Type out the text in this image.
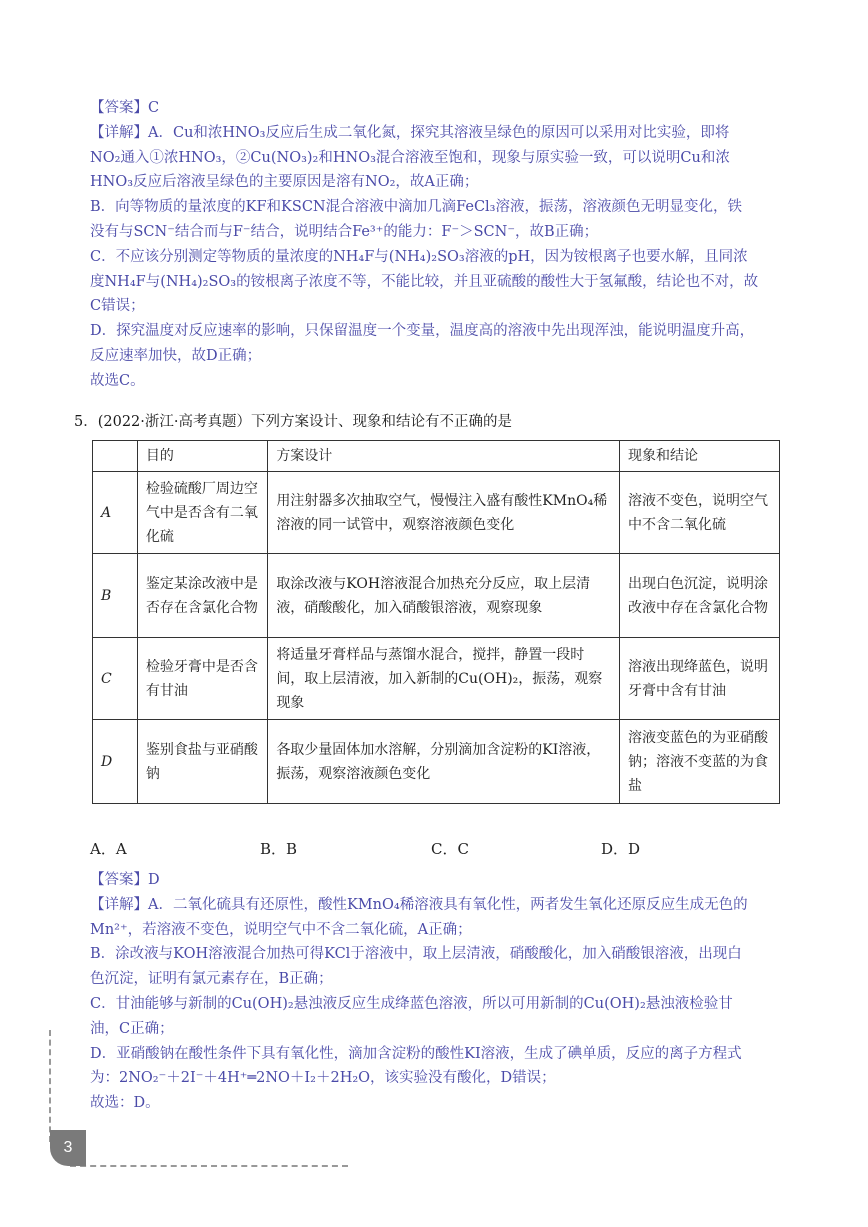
【答案】C

【详解】A．Cu和浓HNO₃反应后生成二氧化氮，探究其溶液呈绿色的原因可以采用对比实验，即将

NO₂通入①浓HNO₃，②Cu(NO₃)₂和HNO₃混合溶液至饱和，现象与原实验一致，可以说明Cu和浓

HNO₃反应后溶液呈绿色的主要原因是溶有NO₂，故A正确；

B．向等物质的量浓度的KF和KSCN混合溶液中滴加几滴FeCl₃溶液，振荡，溶液颜色无明显变化，铁

没有与SCN⁻结合而与F⁻结合，说明结合Fe³⁺的能力：F⁻＞SCN⁻，故B正确；

C．不应该分别测定等物质的量浓度的NH₄F与(NH₄)₂SO₃溶液的pH，因为铵根离子也要水解，且同浓

度NH₄F与(NH₄)₂SO₃的铵根离子浓度不等，不能比较，并且亚硫酸的酸性大于氢氟酸，结论也不对，故

C错误；

D．探究温度对反应速率的影响，只保留温度一个变量，温度高的溶液中先出现浑浊，能说明温度升高，

反应速率加快，故D正确；

故选C。

5．(2022·浙江·高考真题）下列方案设计、现象和结论有不正确的是
	目的	方案设计	现象和结论
A	检验硫酸厂周边空气中是否含有二氧化硫	用注射器多次抽取空气，慢慢注入盛有酸性KMnO₄稀溶液的同一试管中，观察溶液颜色变化	溶液不变色，说明空气中不含二氧化硫
B	鉴定某涂改液中是否存在含氯化合物	取涂改液与KOH溶液混合加热充分反应，取上层清液，硝酸酸化，加入硝酸银溶液，观察现象	出现白色沉淀，说明涂改液中存在含氯化合物
C	检验牙膏中是否含有甘油	将适量牙膏样品与蒸馏水混合，搅拌，静置一段时间，取上层清液，加入新制的Cu(OH)₂，振荡，观察现象	溶液出现绛蓝色，说明牙膏中含有甘油
D	鉴别食盐与亚硝酸钠	各取少量固体加水溶解，分别滴加含淀粉的KI溶液，振荡，观察溶液颜色变化	溶液变蓝色的为亚硝酸钠；溶液不变蓝的为食盐
A．A	B．B	C．C	D．D

【答案】D

【详解】A．二氧化硫具有还原性，酸性KMnO₄稀溶液具有氧化性，两者发生氧化还原反应生成无色的

Mn²⁺，若溶液不变色，说明空气中不含二氧化硫，A正确；

B．涂改液与KOH溶液混合加热可得KCl于溶液中，取上层清液，硝酸酸化，加入硝酸银溶液，出现白

色沉淀，证明有氯元素存在，B正确；

C．甘油能够与新制的Cu(OH)₂悬浊液反应生成绛蓝色溶液，所以可用新制的Cu(OH)₂悬浊液检验甘

油，C正确；

D．亚硝酸钠在酸性条件下具有氧化性，滴加含淀粉的酸性KI溶液，生成了碘单质，反应的离子方程式

为：2NO₂⁻＋2I⁻＋4H⁺═2NO＋I₂＋2H₂O，该实验没有酸化，D错误；

故选：D。

3
